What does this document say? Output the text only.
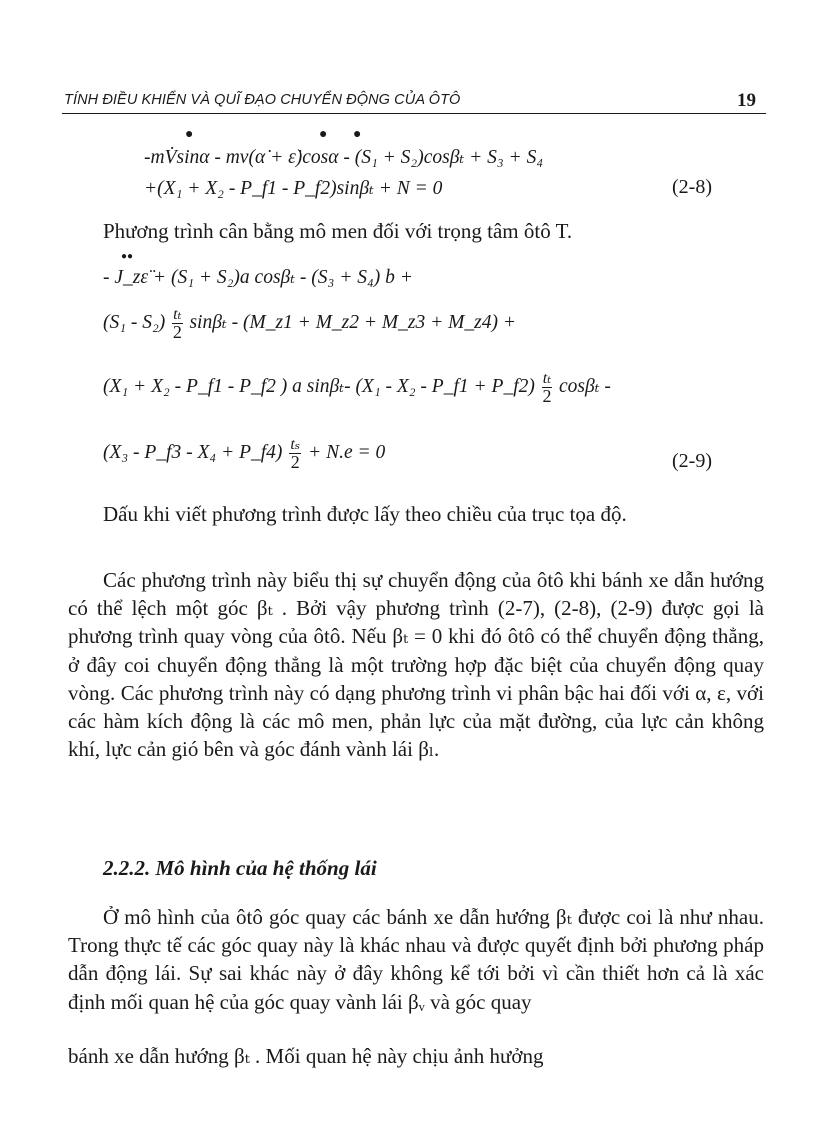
TÍNH ĐIỀU KHIỂN VÀ QUĨ ĐẠO CHUYỂN ĐỘNG CỦA ÔTÔ	19
●	● ●
-mV̇sinα - mv(α̇ + ε̇)cosα - (S₁ + S₂)cosβₜ + S₃ + S₄
+(X₁ + X₂ - P_f1 - P_f2)sinβₜ + N = 0	(2-8)
Phương trình cân bằng mô men đối với trọng tâm ôtô T.
●●
- J_zε̈ + (S₁ + S₂)a cosβₜ - (S₃ + S₄) b +
$(S_1 - S_2) \frac{\text{tₜ}}{2}$ sinβₜ - (M_z1 + M_z2 + M_z3 + M_z4) +
(X₁ + X₂ - P_f1 - P_f2 ) a sinβₜ- (X₁ - X₂ - P_f1 + P_f2) $\frac{\text{tₜ}}{2}$ cosβₜ -
(X₃ - P_f3 - X₄ + P_f4) $\frac{\text{tₛ}}{2} + N.e = 0$	(2-9)

Dấu khi viết phương trình được lấy theo chiều của trục tọa độ.

Các phương trình này biểu thị sự chuyển động của ôtô khi bánh xe dẫn hướng có thể lệch một góc βₜ . Bởi vậy phương trình (2-7), (2-8), (2-9) được gọi là phương trình quay vòng của ôtô. Nếu βₜ = 0 khi đó ôtô có thể chuyển động thẳng, ở đây coi chuyển động thẳng là một trường hợp đặc biệt của chuyển động quay vòng. Các phương trình này có dạng phương trình vi phân bậc hai đối với α, ε, với các hàm kích động là các mô men, phản lực của mặt đường, của lực cản không khí, lực cản gió bên và góc đánh vành lái βₗ.

2.2.2. Mô hình của hệ thống lái

Ở mô hình của ôtô góc quay các bánh xe dẫn hướng βₜ được coi là như nhau. Trong thực tế các góc quay này là khác nhau và được quyết định bởi phương pháp dẫn động lái. Sự sai khác này ở đây không kể tới bởi vì cần thiết hơn cả là xác định mối quan hệ của góc quay vành lái βᵥ và góc quay

bánh xe dẫn hướng βₜ . Mối quan hệ này chịu ảnh hưởng
